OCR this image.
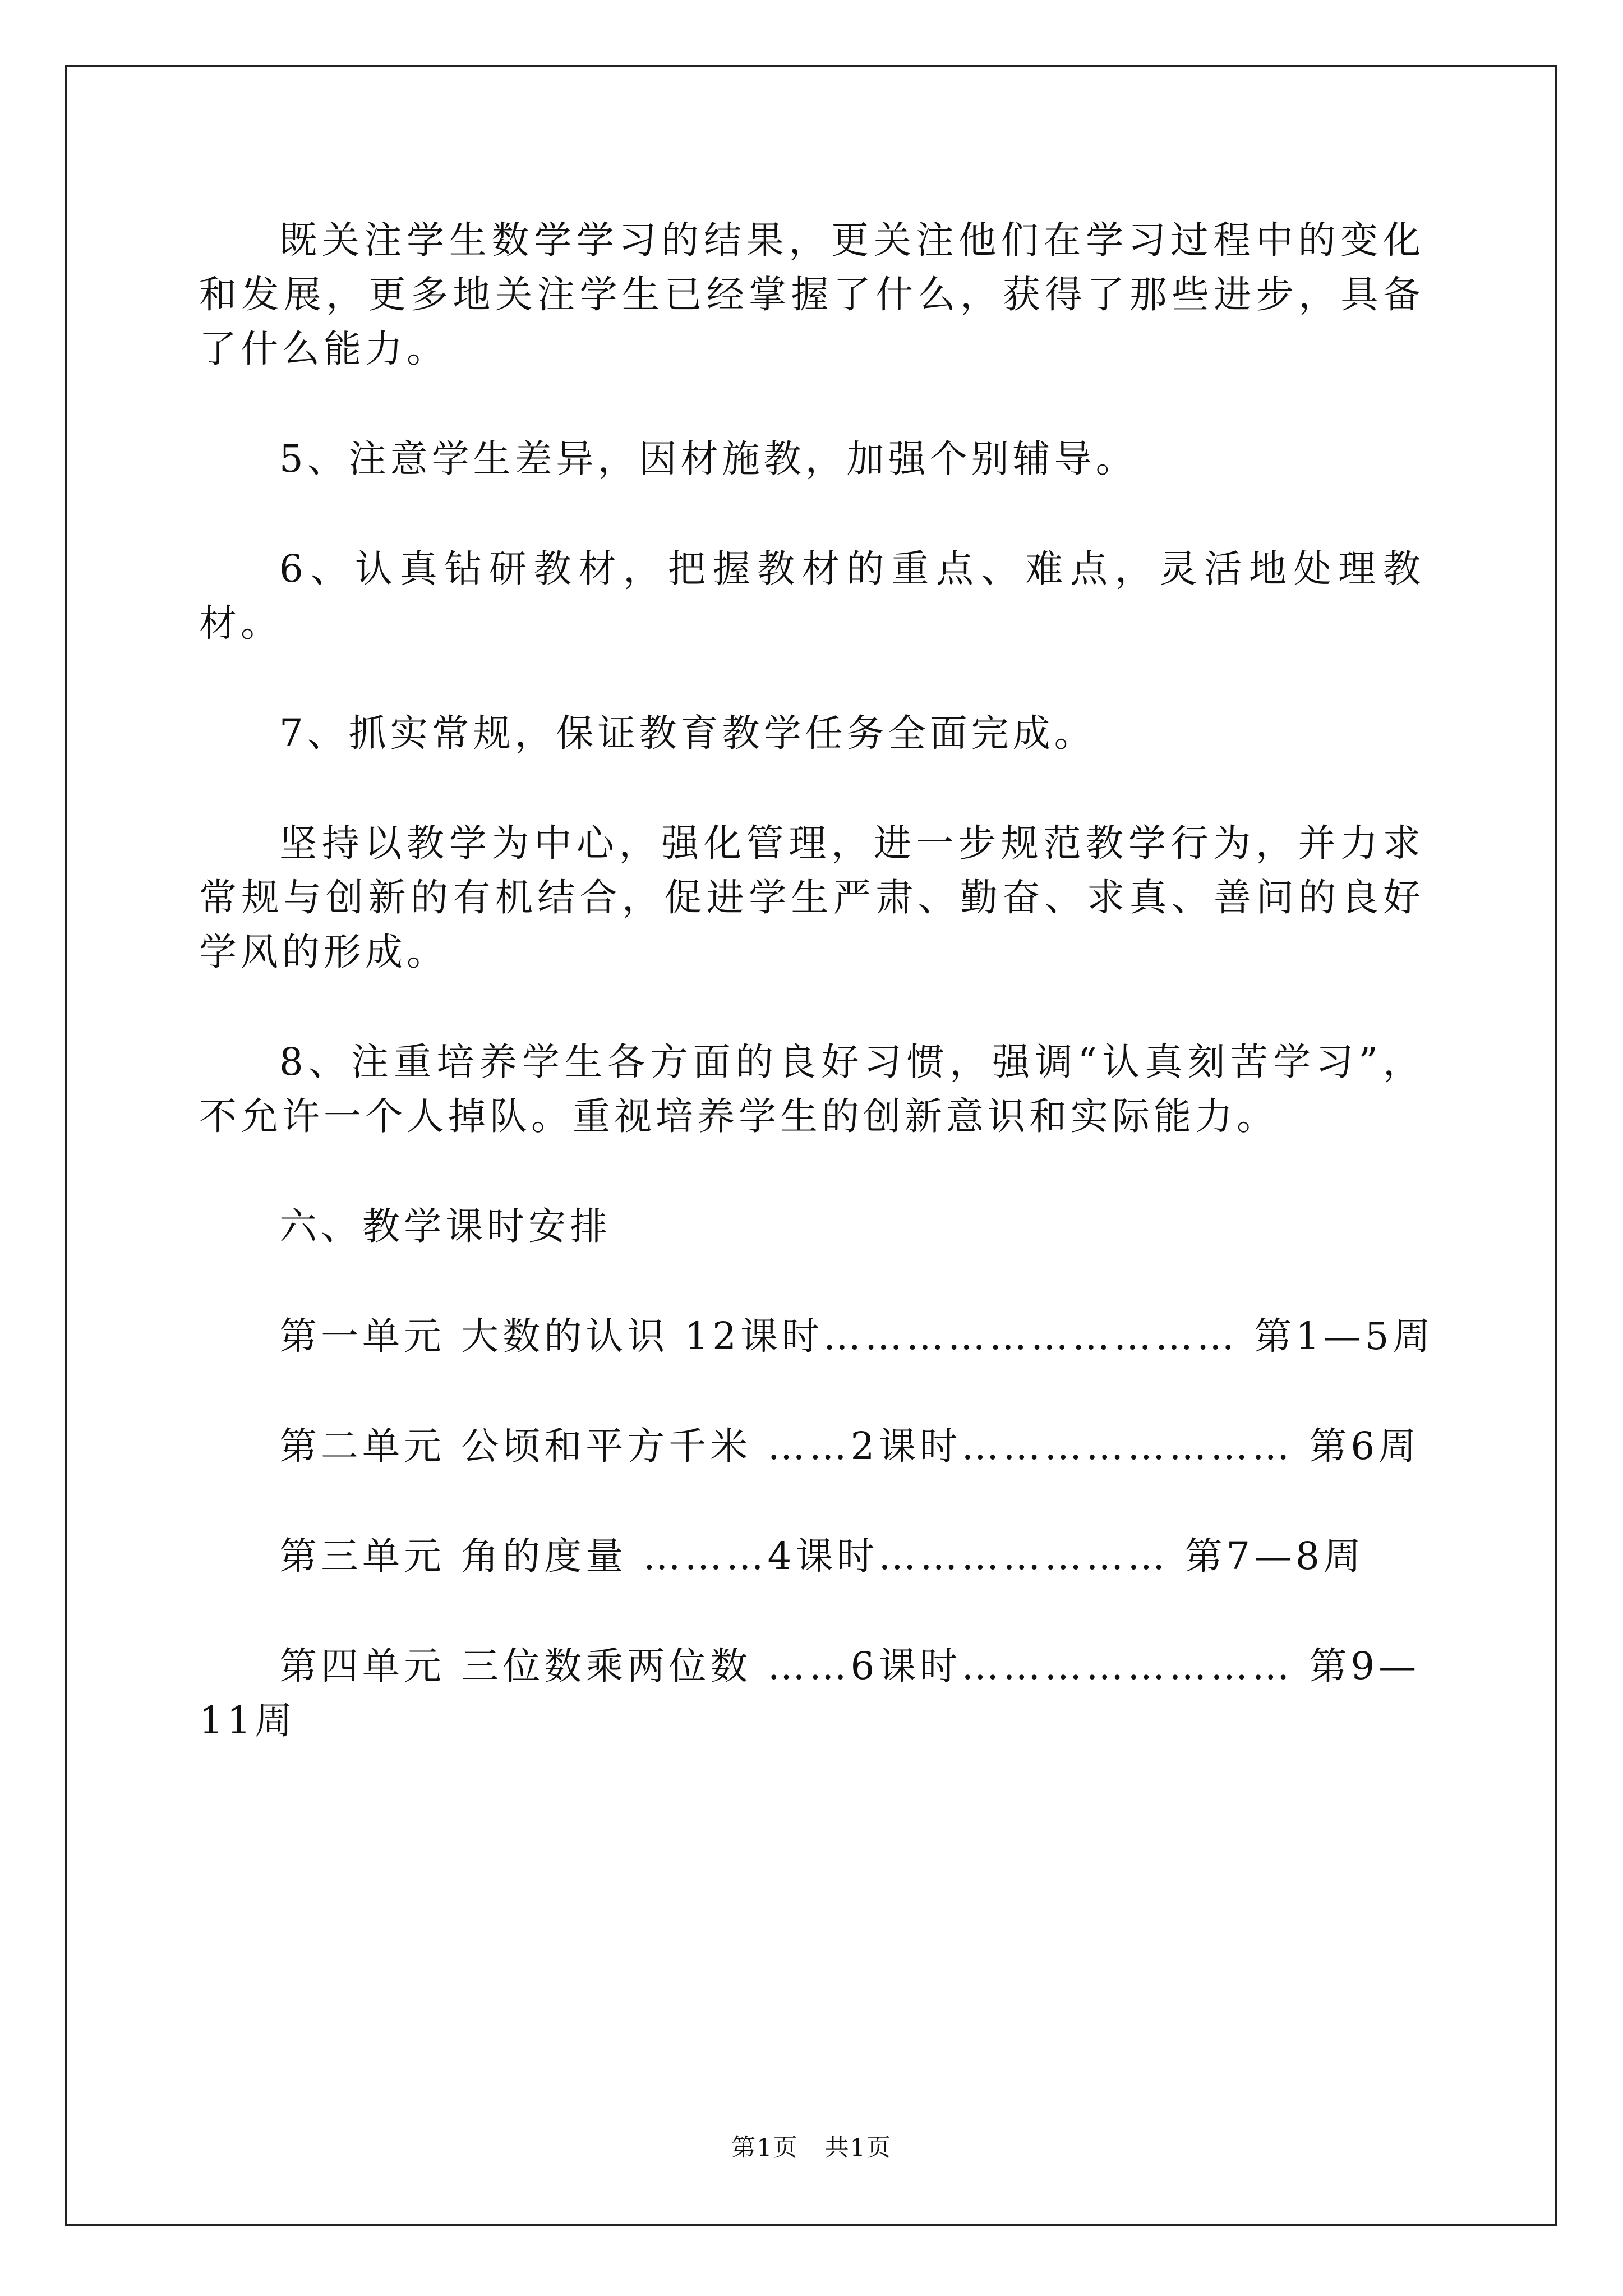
既关注学生数学学习的结果，更关注他们在学习过程中的变化和发展，更多地关注学生已经掌握了什么，获得了那些进步，具备了什么能力。

5、注意学生差异，因材施教，加强个别辅导。

6、认真钻研教材，把握教材的重点、难点，灵活地处理教材。

7、抓实常规，保证教育教学任务全面完成。

坚持以教学为中心，强化管理，进一步规范教学行为，并力求常规与创新的有机结合，促进学生严肃、勤奋、求真、善问的良好学风的形成。

8、注重培养学生各方面的良好习惯，强调“认真刻苦学习”，不允许一个人掉队。重视培养学生的创新意识和实际能力。

六、教学课时安排

第一单元 大数的认识 12课时………………………… 第1—5周
第二单元 公顷和平方千米 ……2课时…………………… 第6周
第三单元 角的度量 ………4课时………………… 第7—8周
第四单元 三位数乘两位数 ……6课时…………………… 第9—11周
第1页   共1页
